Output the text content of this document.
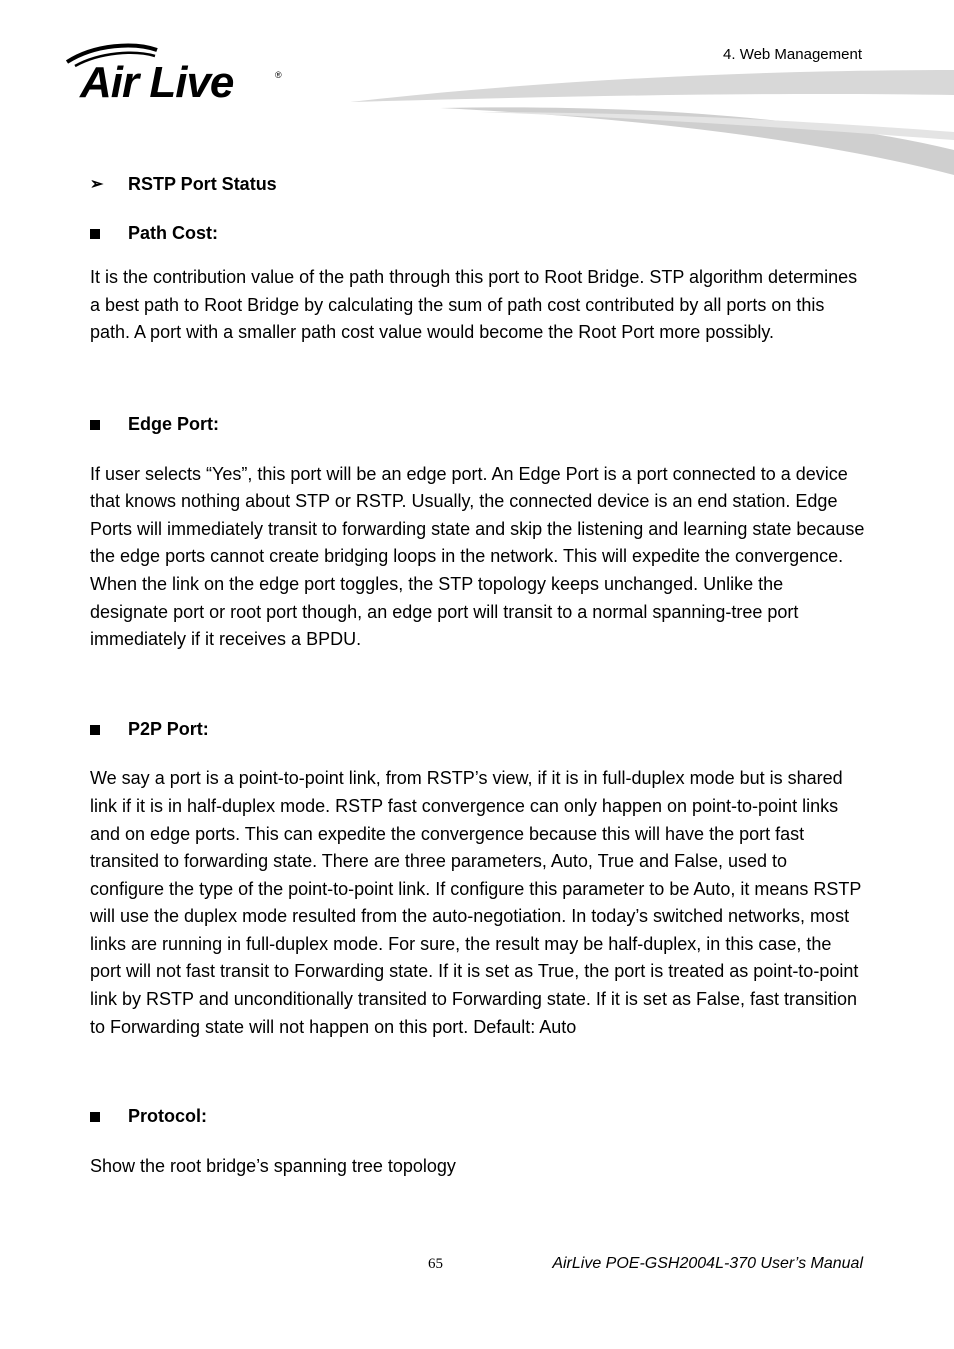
Air Live	®
4. Web Management
➢	RSTP Port Status
Path Cost:

It is the contribution value of the path through this port to Root Bridge. STP algorithm determines a best path to Root Bridge by calculating the sum of path cost contributed by all ports on this path. A port with a smaller path cost value would become the Root Port more possibly.

Edge Port:

If user selects “Yes”, this port will be an edge port. An Edge Port is a port connected to a device that knows nothing about STP or RSTP. Usually, the connected device is an end station. Edge Ports will immediately transit to forwarding state and skip the listening and learning state because the edge ports cannot create bridging loops in the network. This will expedite the convergence. When the link on the edge port toggles, the STP topology keeps unchanged. Unlike the designate port or root port though, an edge port will transit to a normal spanning-tree port immediately if it receives a BPDU.

P2P Port:

We say a port is a point-to-point link, from RSTP’s view, if it is in full-duplex mode but is shared link if it is in half-duplex mode. RSTP fast convergence can only happen on point-to-point links and on edge ports. This can expedite the convergence because this will have the port fast transited to forwarding state. There are three parameters, Auto, True and False, used to configure the type of the point-to-point link. If configure this parameter to be Auto, it means RSTP will use the duplex mode resulted from the auto-negotiation. In today’s switched networks, most links are running in full-duplex mode. For sure, the result may be half-duplex, in this case, the port will not fast transit to Forwarding state. If it is set as True, the port is treated as point-to-point link by RSTP and unconditionally transited to Forwarding state. If it is set as False, fast transition to Forwarding state will not happen on this port. Default: Auto

Protocol:

Show the root bridge’s spanning tree topology

65	AirLive POE-GSH2004L-370 User’s Manual
